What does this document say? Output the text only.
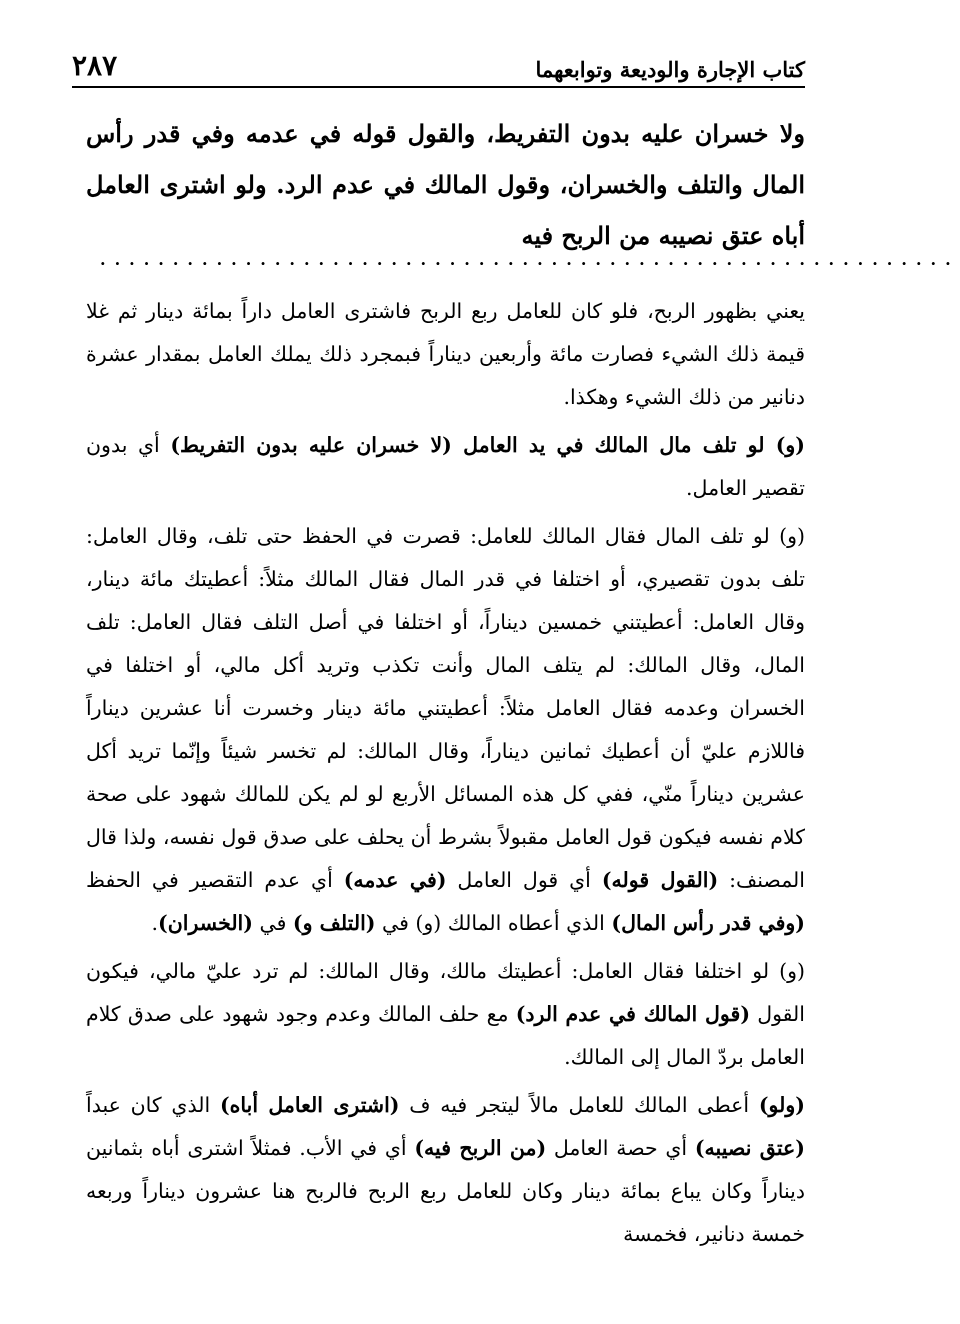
كتاب الإجارة والوديعة وتوابعهما
٢٨٧
ولا خسران عليه بدون التفريط، والقول قوله في عدمه وفي قدر رأس المال والتلف والخسران، وقول المالك في عدم الرد. ولو اشترى العامل أباه عتق نصيبه من الربح فيه
...........................................................

يعني بظهور الربح، فلو كان للعامل ربع الربح فاشترى العامل داراً بمائة دينار ثم غلا قيمة ذلك الشيء فصارت مائة وأربعين ديناراً فبمجرد ذلك يملك العامل بمقدار عشرة دنانير من ذلك الشيء وهكذا.

(و) لو تلف مال المالك في يد العامل (لا خسران عليه بدون التفريط) أي بدون تقصير العامل.

(و) لو تلف المال فقال المالك للعامل: قصرت في الحفظ حتى تلف، وقال العامل: تلف بدون تقصيري، أو اختلفا في قدر المال فقال المالك مثلاً: أعطيتك مائة دينار، وقال العامل: أعطيتني خمسين ديناراً، أو اختلفا في أصل التلف فقال العامل: تلف المال، وقال المالك: لم يتلف المال وأنت تكذب وتريد أكل مالي، أو اختلفا في الخسران وعدمه فقال العامل مثلاً: أعطيتني مائة دينار وخسرت أنا عشرين ديناراً فاللازم عليّ أن أعطيك ثمانين ديناراً، وقال المالك: لم تخسر شيئاً وإنّما تريد أكل عشرين ديناراً منّي، ففي كل هذه المسائل الأربع لو لم يكن للمالك شهود على صحة كلام نفسه فيكون قول العامل مقبولاً بشرط أن يحلف على صدق قول نفسه، ولذا قال المصنف: (القول قوله) أي قول العامل (في عدمه) أي عدم التقصير في الحفظ (وفي قدر رأس المال) الذي أعطاه المالك (و) في (التلف و) في (الخسران).

(و) لو اختلفا فقال العامل: أعطيتك مالك، وقال المالك: لم ترد عليّ مالي، فيكون القول (قول المالك في عدم الرد) مع حلف المالك وعدم وجود شهود على صدق كلام العامل بردّ المال إلى المالك.

(ولو) أعطى المالك للعامل مالاً ليتجر فيه ف (اشترى العامل أباه) الذي كان عبداً (عتق نصيبه) أي حصة العامل (من الربح فيه) أي في الأب. فمثلاً اشترى أباه بثمانين ديناراً وكان يباع بمائة دينار وكان للعامل ربع الربح فالربح هنا عشرون ديناراً وربعه خمسة دنانير، فخمسة
